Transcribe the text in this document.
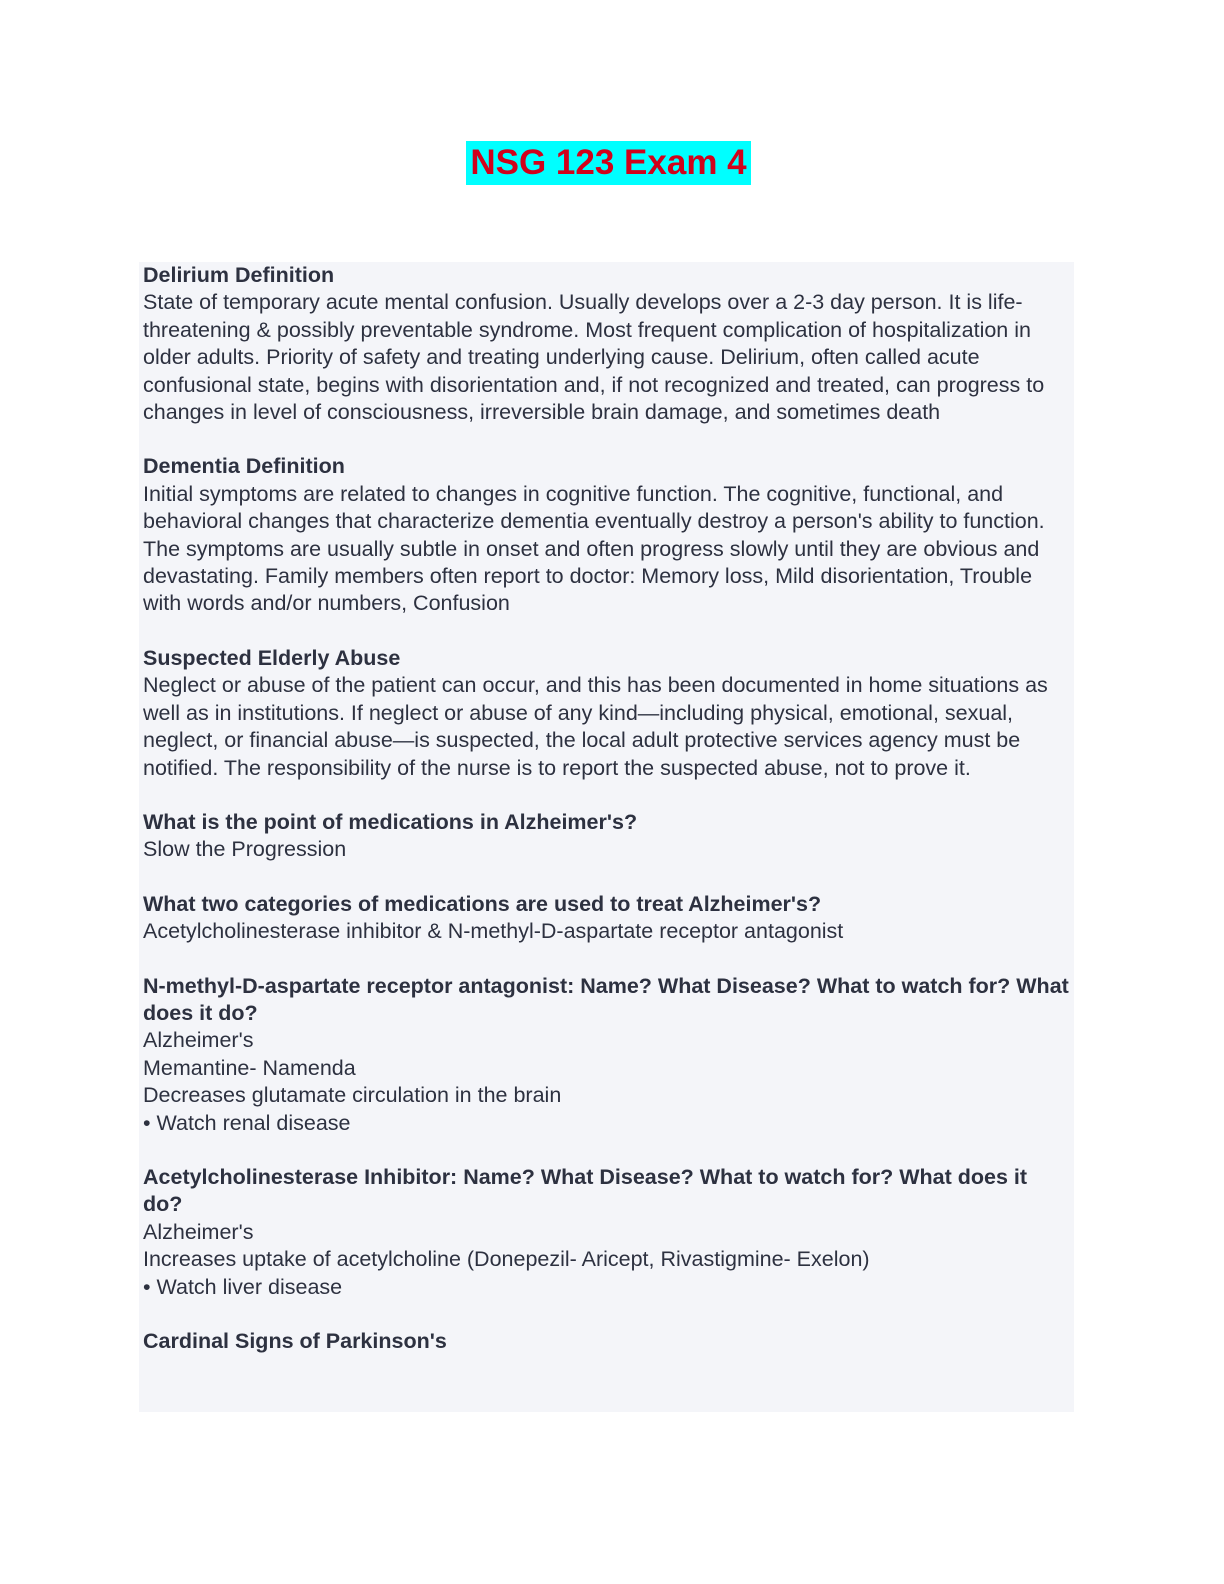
NSG 123 Exam 4
Delirium Definition
State of temporary acute mental confusion. Usually develops over a 2-3 day person. It is life-threatening & possibly preventable syndrome. Most frequent complication of hospitalization in older adults. Priority of safety and treating underlying cause. Delirium, often called acute confusional state, begins with disorientation and, if not recognized and treated, can progress to changes in level of consciousness, irreversible brain damage, and sometimes death
Dementia Definition
Initial symptoms are related to changes in cognitive function. The cognitive, functional, and behavioral changes that characterize dementia eventually destroy a person's ability to function. The symptoms are usually subtle in onset and often progress slowly until they are obvious and devastating. Family members often report to doctor: Memory loss, Mild disorientation, Trouble with words and/or numbers, Confusion
Suspected Elderly Abuse
Neglect or abuse of the patient can occur, and this has been documented in home situations as well as in institutions. If neglect or abuse of any kind—including physical, emotional, sexual, neglect, or financial abuse—is suspected, the local adult protective services agency must be notified. The responsibility of the nurse is to report the suspected abuse, not to prove it.
What is the point of medications in Alzheimer's?
Slow the Progression
What two categories of medications are used to treat Alzheimer's?
Acetylcholinesterase inhibitor & N-methyl-D-aspartate receptor antagonist
N-methyl-D-aspartate receptor antagonist: Name? What Disease? What to watch for? What does it do?
Alzheimer's
Memantine- Namenda
Decreases glutamate circulation in the brain
• Watch renal disease
Acetylcholinesterase Inhibitor: Name? What Disease? What to watch for? What does it do?
Alzheimer's
Increases uptake of acetylcholine (Donepezil- Aricept, Rivastigmine- Exelon)
• Watch liver disease
Cardinal Signs of Parkinson's
